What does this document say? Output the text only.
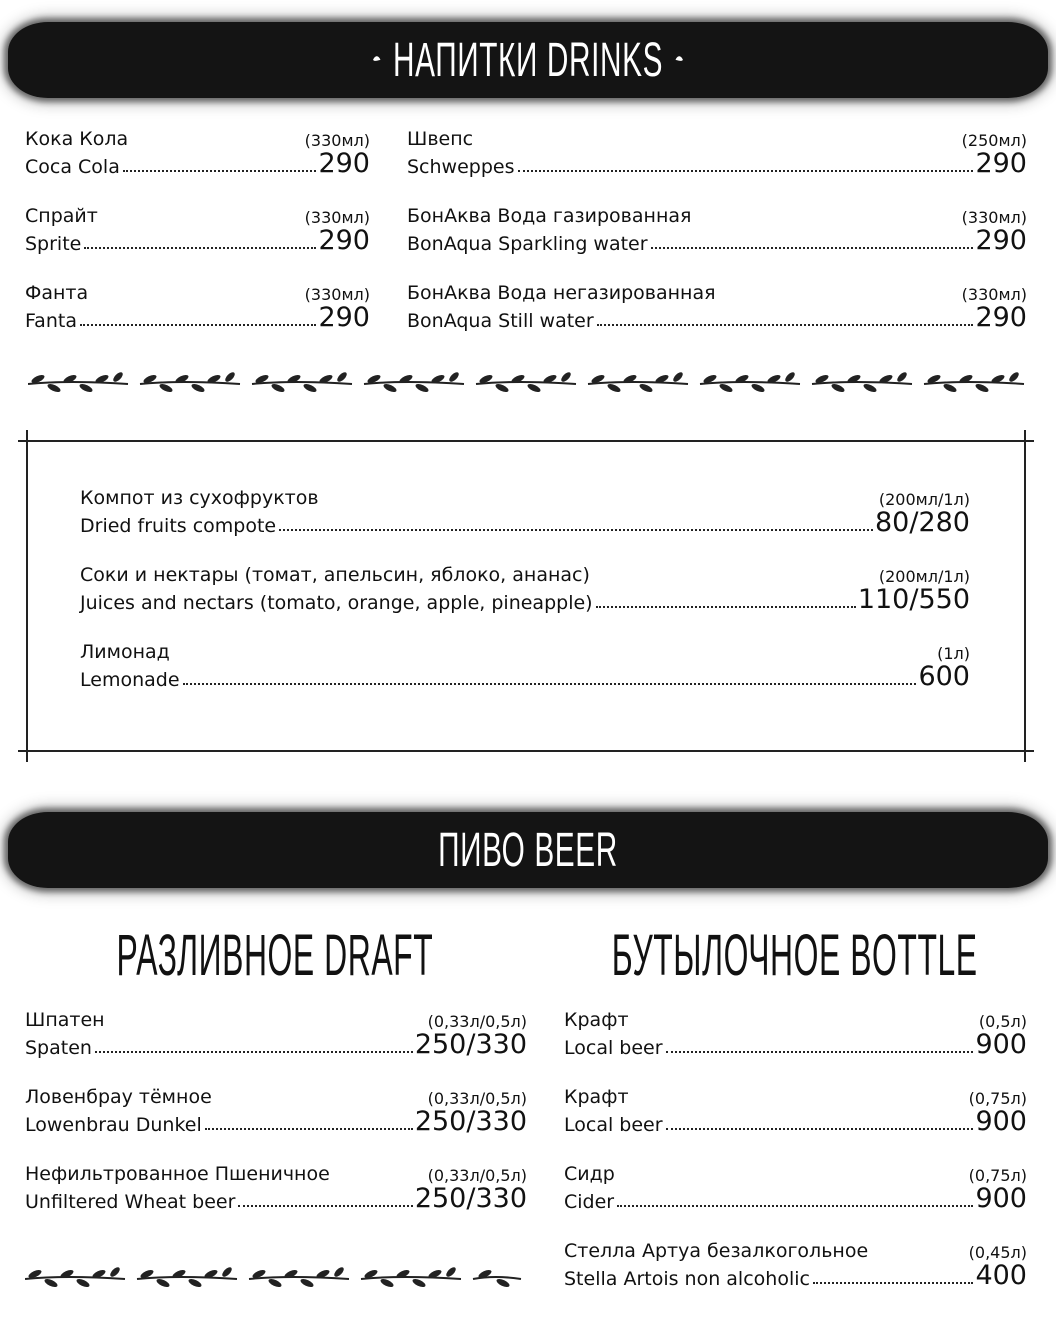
НАПИТКИ DRINKS
Кока Кола	(330мл)
Coca Cola	290
Спрайт	(330мл)
Sprite	290
Фанта	(330мл)
Fanta	290
Швепс	(250мл)
Schweppes	290
БонАква Вода газированная	(330мл)
BonAqua Sparkling water	290
БонАква Вода негазированная	(330мл)
BonAqua Still water	290
Компот из сухофруктов	(200мл/1л)
Dried fruits compote	80/280
Соки и нектары (томат, апельсин, яблоко, ананас)	(200мл/1л)
Juices and nectars (tomato, orange, apple, pineapple)	110/550
Лимонад	(1л)
Lemonade	600
ПИВО BEER
РАЗЛИВНОЕ DRAFT	БУТЫЛОЧНОЕ BOTTLE
Шпатен	(0,33л/0,5л)
Spaten	250/330
Ловенбрау тёмное	(0,33л/0,5л)
Lowenbrau Dunkel	250/330
Нефильтрованное Пшеничное	(0,33л/0,5л)
Unfiltered Wheat beer	250/330
Крафт	(0,5л)
Local beer	900
Крафт	(0,75л)
Local beer	900
Сидр	(0,75л)
Cider	900
Стелла Артуа безалкогольное	(0,45л)
Stella Artois non alcoholic	400
